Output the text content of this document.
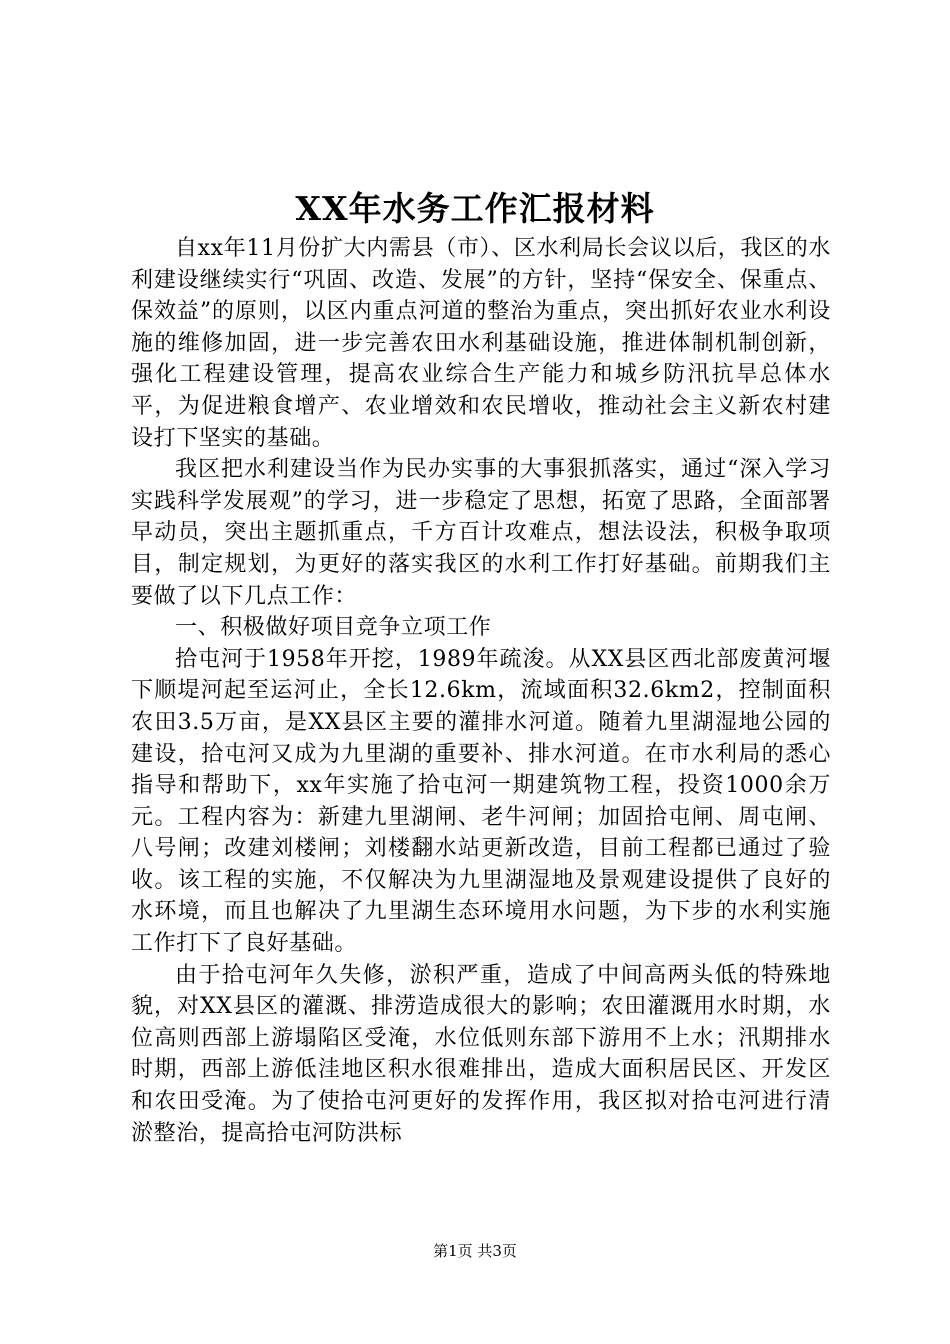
XX年水务工作汇报材料

自xx年11月份扩大内需县（市）、区水利局长会议以后，我区的水利建设继续实行“巩固、改造、发展”的方针，坚持“保安全、保重点、保效益”的原则，以区内重点河道的整治为重点，突出抓好农业水利设施的维修加固，进一步完善农田水利基础设施，推进体制机制创新，强化工程建设管理，提高农业综合生产能力和城乡防汛抗旱总体水平，为促进粮食增产、农业增效和农民增收，推动社会主义新农村建设打下坚实的基础。

我区把水利建设当作为民办实事的大事狠抓落实，通过“深入学习实践科学发展观”的学习，进一步稳定了思想，拓宽了思路，全面部署早动员，突出主题抓重点，千方百计攻难点，想法设法，积极争取项目，制定规划，为更好的落实我区的水利工作打好基础。前期我们主要做了以下几点工作：

一、积极做好项目竞争立项工作

拾屯河于1958年开挖，1989年疏浚。从XX县区西北部废黄河堰下顺堤河起至运河止，全长12.6km，流域面积32.6km2，控制面积农田3.5万亩，是XX县区主要的灌排水河道。随着九里湖湿地公园的建设，拾屯河又成为九里湖的重要补、排水河道。在市水利局的悉心指导和帮助下，xx年实施了拾屯河一期建筑物工程，投资1000余万元。工程内容为：新建九里湖闸、老牛河闸；加固拾屯闸、周屯闸、八号闸；改建刘楼闸；刘楼翻水站更新改造，目前工程都已通过了验收。该工程的实施，不仅解决为九里湖湿地及景观建设提供了良好的水环境，而且也解决了九里湖生态环境用水问题，为下步的水利实施工作打下了良好基础。

由于拾屯河年久失修，淤积严重，造成了中间高两头低的特殊地貌，对XX县区的灌溉、排涝造成很大的影响；农田灌溉用水时期，水位高则西部上游塌陷区受淹，水位低则东部下游用不上水；汛期排水时期，西部上游低洼地区积水很难排出，造成大面积居民区、开发区和农田受淹。为了使拾屯河更好的发挥作用，我区拟对拾屯河进行清淤整治，提高拾屯河防洪标

第1页 共3页
